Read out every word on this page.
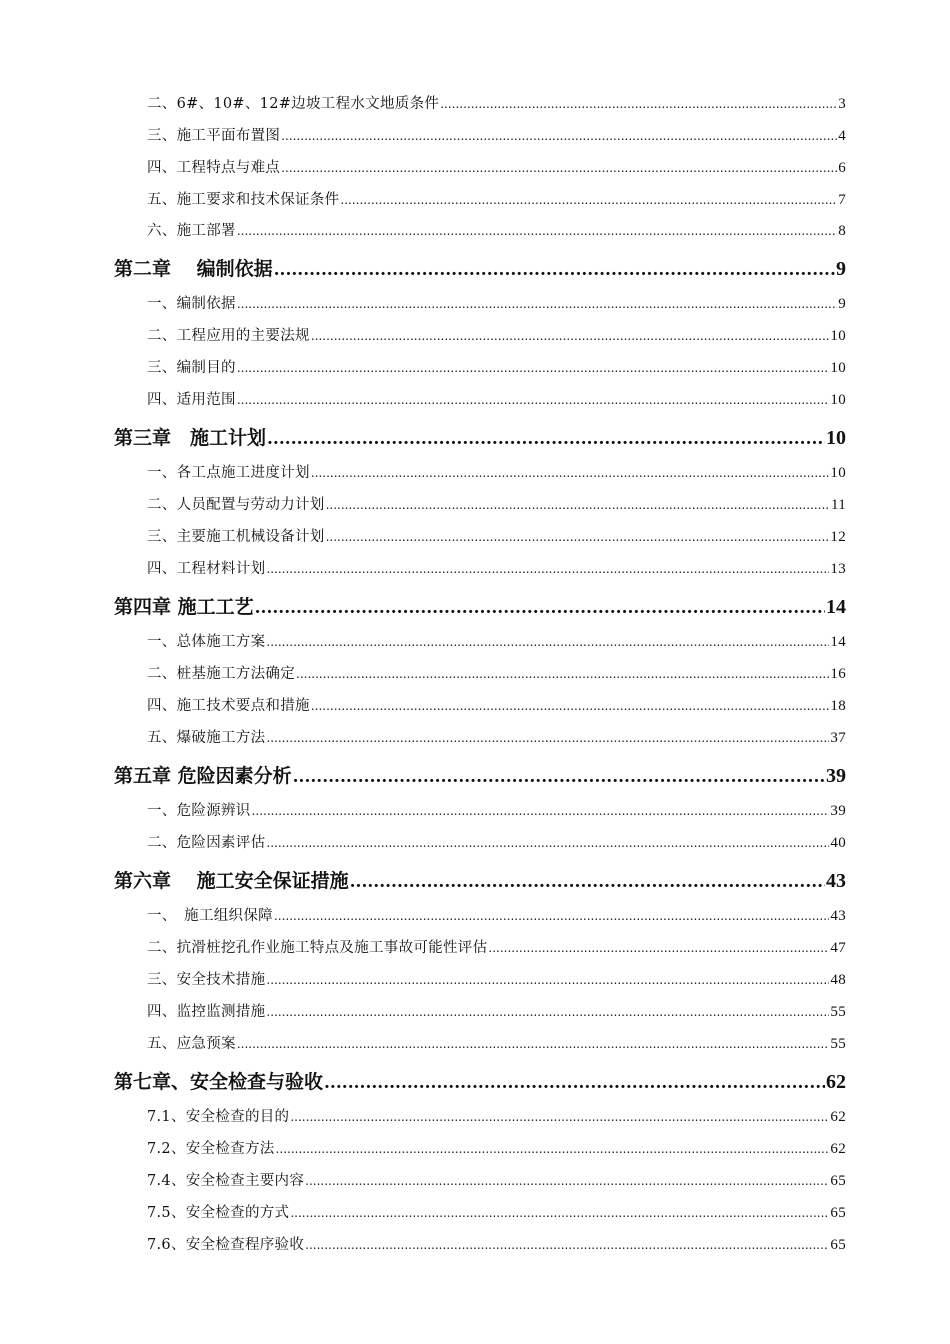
二、6#、10#、12#边坡工程水文地质条件 .....	3
三、施工平面布置图 .....	4
四、工程特点与难点 .....	6
五、施工要求和技术保证条件 .....	7
六、施工部署 .....	8
第二章　 编制依据 .....	9
一、编制依据 .....	9
二、工程应用的主要法规 .....	10
三、编制目的 .....	10
四、适用范围 .....	10
第三章　施工计划 .....	10
一、各工点施工进度计划 .....	10
二、人员配置与劳动力计划 .....	11
三、主要施工机械设备计划 .....	12
四、工程材料计划 .....	13
第四章 施工工艺 .....	14
一、总体施工方案 .....	14
二、桩基施工方法确定 .....	16
四、施工技术要点和措施 .....	18
五、爆破施工方法 .....	37
第五章 危险因素分析 .....	39
一、危险源辨识 .....	39
二、危险因素评估 .....	40
第六章　 施工安全保证措施 .....	43
一、　施工组织保障 .....	43
二、抗滑桩挖孔作业施工特点及施工事故可能性评估 .....	47
三、安全技术措施 .....	48
四、监控监测措施 .....	55
五、应急预案 .....	55
第七章、安全检查与验收 .....	62
7.1、安全检查的目的 .....	62
7.2、安全检查方法 .....	62
7.4、安全检查主要内容 .....	65
7.5、安全检查的方式 .....	65
7.6、安全检查程序验收 .....	65
